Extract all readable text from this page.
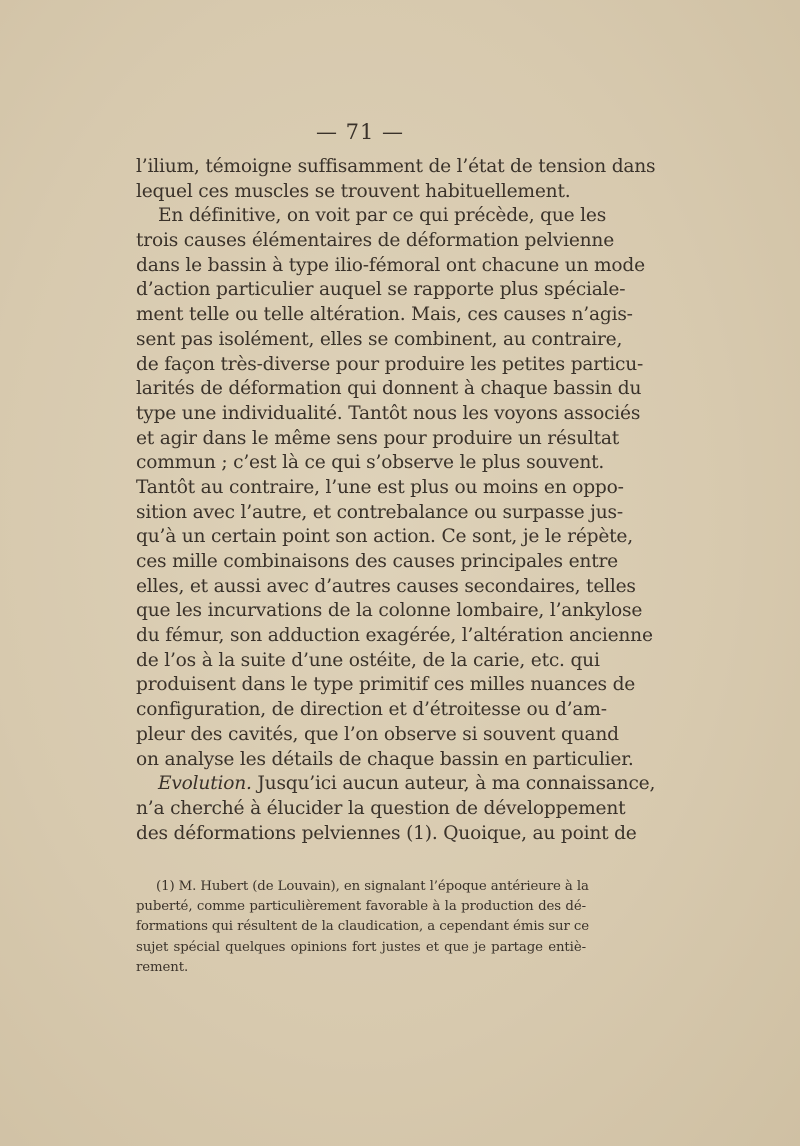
— 71 —
l’ilium, témoigne suffisamment de l’état de tension dans
lequel ces muscles se trouvent habituellement.
En définitive, on voit par ce qui précède, que les
trois causes élémentaires de déformation pelvienne
dans le bassin à type ilio-fémoral ont chacune un mode
d’action particulier auquel se rapporte plus spéciale-
ment telle ou telle altération. Mais, ces causes n’agis-
sent pas isolément, elles se combinent, au contraire,
de façon très-diverse pour produire les petites particu-
larités de déformation qui donnent à chaque bassin du
type une individualité. Tantôt nous les voyons associés
et agir dans le même sens pour produire un résultat
commun ; c’est là ce qui s’observe le plus souvent.
Tantôt au contraire, l’une est plus ou moins en oppo-
sition avec l’autre, et contrebalance ou surpasse jus-
qu’à un certain point son action. Ce sont, je le répète,
ces mille combinaisons des causes principales entre
elles, et aussi avec d’autres causes secondaires, telles
que les incurvations de la colonne lombaire, l’ankylose
du fémur, son adduction exagérée, l’altération ancienne
de l’os à la suite d’une ostéite, de la carie, etc. qui
produisent dans le type primitif ces milles nuances de
configuration, de direction et d’étroitesse ou d’am-
pleur des cavités, que l’on observe si souvent quand
on analyse les détails de chaque bassin en particulier.
Evolution. Jusqu’ici aucun auteur, à ma connaissance,
n’a cherché à élucider la question de développement
des déformations pelviennes (1). Quoique, au point de
(1) M. Hubert (de Louvain), en signalant l’époque antérieure à la
puberté, comme particulièrement favorable à la production des dé-
formations qui résultent de la claudication, a cependant émis sur ce
sujet spécial quelques opinions fort justes et que je partage entiè-
rement.
